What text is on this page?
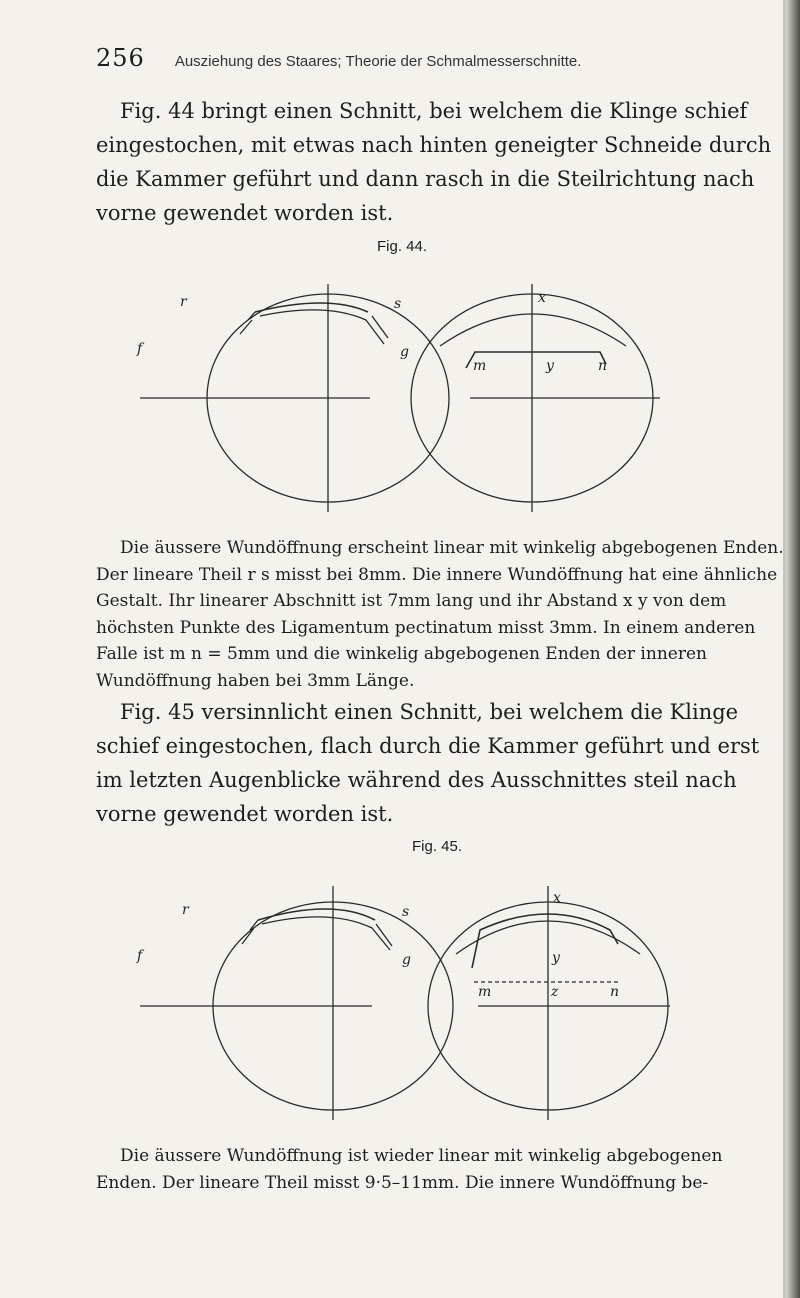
256 Ausziehung des Staares; Theorie der Schmalmesserschnitte.

Fig. 44 bringt einen Schnitt, bei welchem die Klinge schief eingestochen, mit etwas nach hinten geneigter Schneide durch die Kammer geführt und dann rasch in die Steilrichtung nach vorne gewendet worden ist.

Fig. 44.
r
f
s
g
m	y	n
x

Die äussere Wundöffnung erscheint linear mit winkelig abgebogenen Enden. Der lineare Theil r s misst bei 8mm. Die innere Wundöffnung hat eine ähnliche Gestalt. Ihr linearer Abschnitt ist 7mm lang und ihr Abstand x y von dem höchsten Punkte des Ligamentum pectinatum misst 3mm. In einem anderen Falle ist m n = 5mm und die winkelig abgebogenen Enden der inneren Wundöffnung haben bei 3mm Länge.

Fig. 45 versinnlicht einen Schnitt, bei welchem die Klinge schief eingestochen, flach durch die Kammer geführt und erst im letzten Augenblicke während des Ausschnittes steil nach vorne gewendet worden ist.

Fig. 45.
r
f
s
g
m
y
z	n
x

Die äussere Wundöffnung ist wieder linear mit winkelig abgebogenen Enden. Der lineare Theil misst 9·5–11mm. Die innere Wundöffnung be-
